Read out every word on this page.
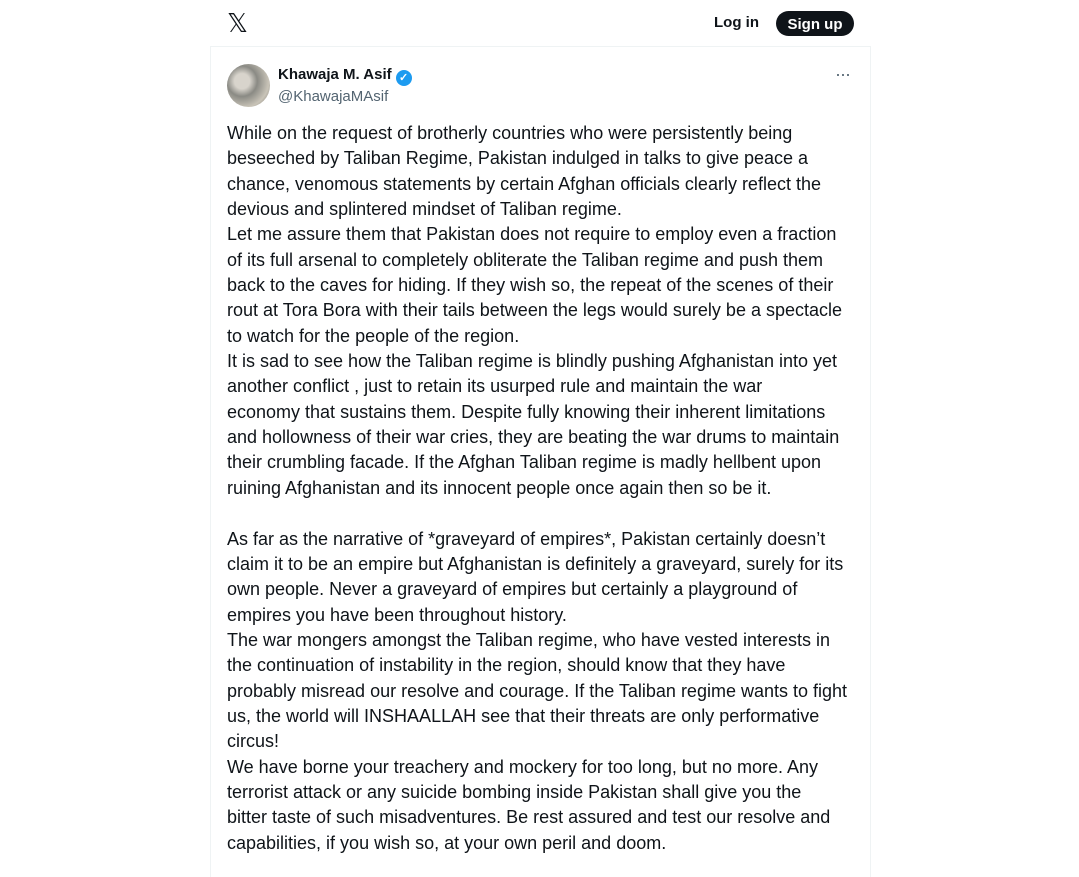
𝕏	Log in	Sign up
Khawaja M. Asif ✓
@KhawajaMAsif
···
While on the request of brotherly countries who were persistently being
beseeched by Taliban Regime, Pakistan indulged in talks to give peace a
chance, venomous statements by certain Afghan officials clearly reflect the
devious and splintered mindset of Taliban regime.
Let me assure them that Pakistan does not require to employ even a fraction
of its full arsenal to completely obliterate the Taliban regime and push them
back to the caves for hiding. If they wish so, the repeat of the scenes of their
rout at Tora Bora with their tails between the legs would surely be a spectacle
to watch for the people of the region.
It is sad to see how the Taliban regime is blindly pushing Afghanistan into yet
another conflict , just to retain its usurped rule and maintain the war
economy that sustains them. Despite fully knowing their inherent limitations
and hollowness of their war cries, they are beating the war drums to maintain
their crumbling facade. If the Afghan Taliban regime is madly hellbent upon
ruining Afghanistan and its innocent people once again then so be it.
As far as the narrative of *graveyard of empires*, Pakistan certainly doesn’t
claim it to be an empire but Afghanistan is definitely a graveyard, surely for its
own people. Never a graveyard of empires but certainly a playground of
empires you have been throughout history.
The war mongers amongst the Taliban regime, who have vested interests in
the continuation of instability in the region, should know that they have
probably misread our resolve and courage. If the Taliban regime wants to fight
us, the world will INSHAALLAH see that their threats are only performative
circus!
We have borne your treachery and mockery for too long, but no more. Any
terrorist attack or any suicide bombing inside Pakistan shall give you the
bitter taste of such misadventures. Be rest assured and test our resolve and
capabilities, if you wish so, at your own peril and doom.
